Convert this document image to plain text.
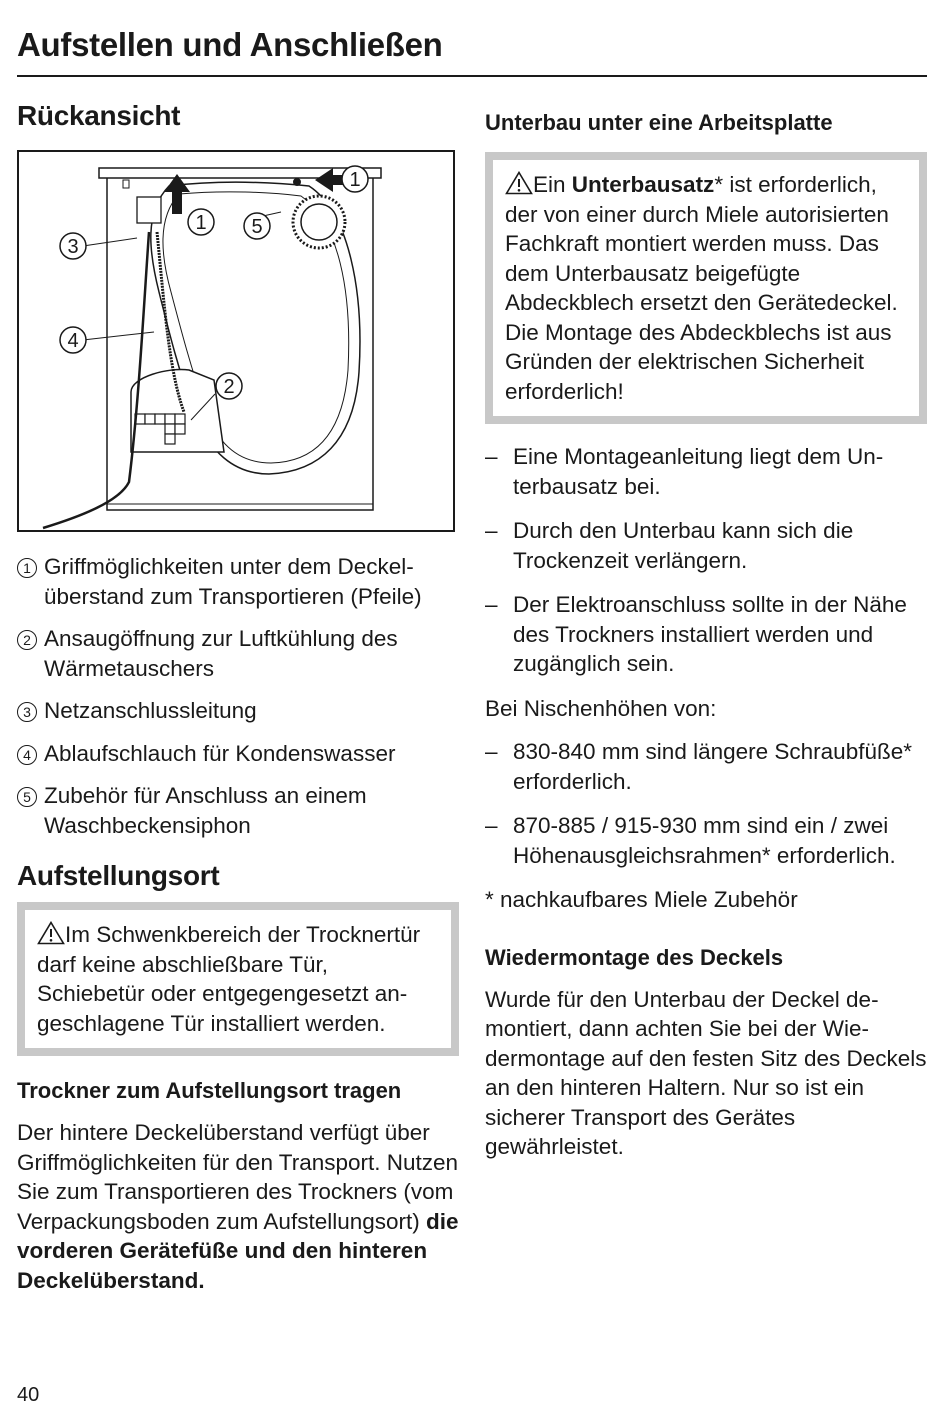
Aufstellen und Anschließen
Rückansicht
1
1 5
3
4
2
1 Griffmöglichkeiten unter dem Deckelüberstand zum Transportieren (Pfeile)
2 Ansaugöffnung zur Luftkühlung des Wärmetauschers
3 Netzanschlussleitung
4 Ablaufschlauch für Kondenswasser
5 Zubehör für Anschluss an einem Waschbeckensiphon
Aufstellungsort

Im Schwenkbereich der Trocknertür darf keine abschließbare Tür, Schiebetür oder entgegengesetzt angeschlagene Tür installiert werden.

Trockner zum Aufstellungsort tragen

Der hintere Deckelüberstand verfügt über Griffmöglichkeiten für den Transport. Nutzen Sie zum Transportieren des Trockners (vom Verpackungsboden zum Aufstellungsort) die vorderen Gerätefüße und den hinteren Deckelüberstand.

Unterbau unter eine Arbeitsplatte

Ein Unterbausatz* ist erforderlich, der von einer durch Miele autorisierten Fachkraft montiert werden muss. Das dem Unterbausatz beigefügte Abdeckblech ersetzt den Gerätedeckel. Die Montage des Abdeckblechs ist aus Gründen der elektrischen Sicherheit erforderlich!

– Eine Montageanleitung liegt dem Unterbausatz bei.
– Durch den Unterbau kann sich die Trockenzeit verlängern.
– Der Elektroanschluss sollte in der Nähe des Trockners installiert werden und zugänglich sein.

Bei Nischenhöhen von:

– 830-840 mm sind längere Schraubfüße* erforderlich.
– 870-885 / 915-930 mm sind ein / zwei Höhenausgleichsrahmen* erforderlich.

* nachkaufbares Miele Zubehör

Wiedermontage des Deckels

Wurde für den Unterbau der Deckel demontiert, dann achten Sie bei der Wiedermontage auf den festen Sitz des Deckels an den hinteren Haltern. Nur so ist ein sicherer Transport des Gerätes gewährleistet.

40
